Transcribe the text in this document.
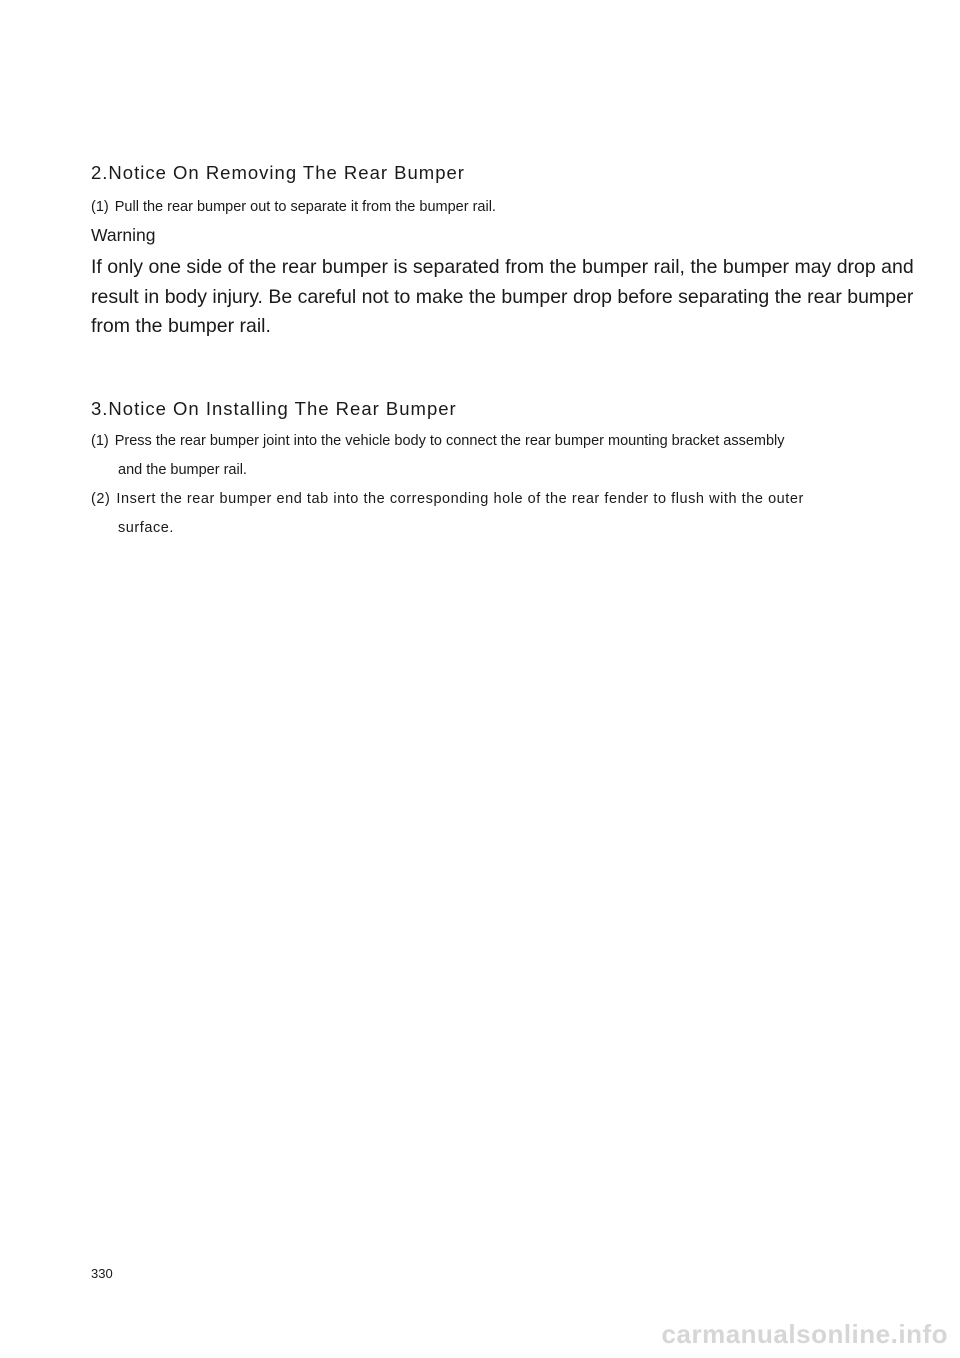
2.Notice On Removing The Rear Bumper
(1) Pull the rear bumper out to separate it from the bumper rail.
Warning
If only one side of the rear bumper is separated from the bumper rail, the bumper may drop and
result in body injury. Be careful not to make the bumper drop before separating the rear bumper
from the bumper rail.
3.Notice On Installing The Rear Bumper
(1) Press the rear bumper joint into the vehicle body to connect the rear bumper mounting bracket assembly
and the bumper rail.
(2) Insert the rear bumper end tab into the corresponding hole of the rear fender to flush with the outer
surface.
330
carmanualsonline.info
